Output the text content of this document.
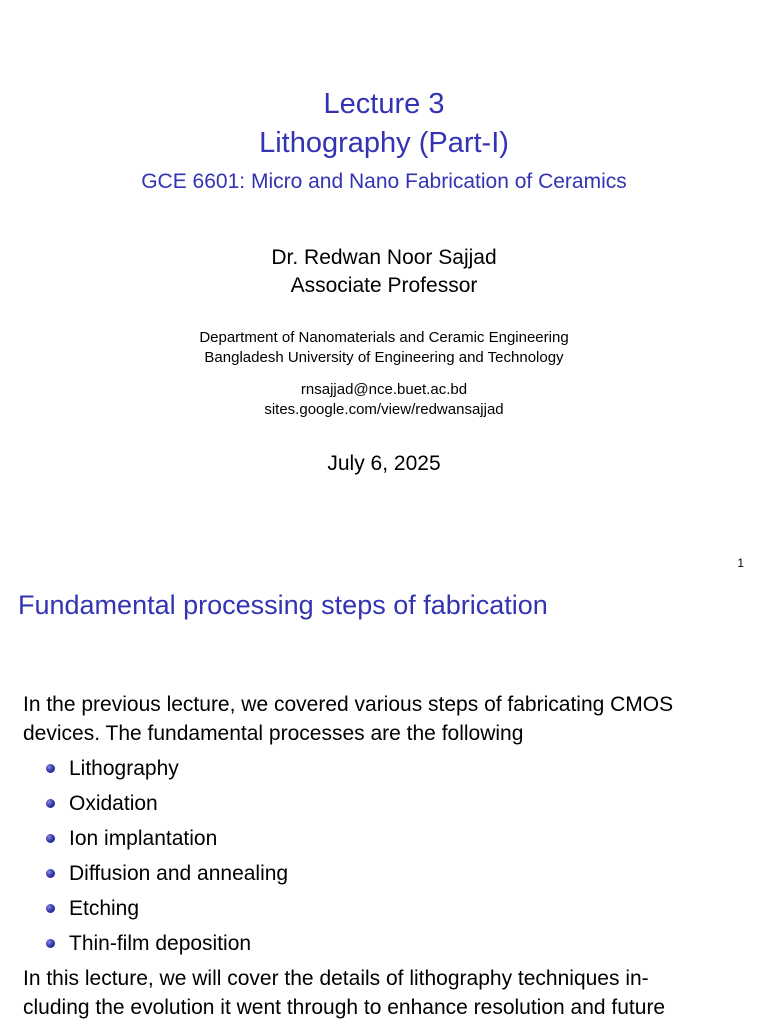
Lecture 3
Lithography (Part-I)
GCE 6601: Micro and Nano Fabrication of Ceramics
Dr. Redwan Noor Sajjad
Associate Professor
Department of Nanomaterials and Ceramic Engineering
Bangladesh University of Engineering and Technology
rnsajjad@nce.buet.ac.bd
sites.google.com/view/redwansajjad
July 6, 2025
1
Fundamental processing steps of fabrication
In the previous lecture, we covered various steps of fabricating CMOS
devices. The fundamental processes are the following
Lithography
Oxidation
Ion implantation
Diffusion and annealing
Etching
Thin-film deposition
In this lecture, we will cover the details of lithography techniques in-
cluding the evolution it went through to enhance resolution and future
